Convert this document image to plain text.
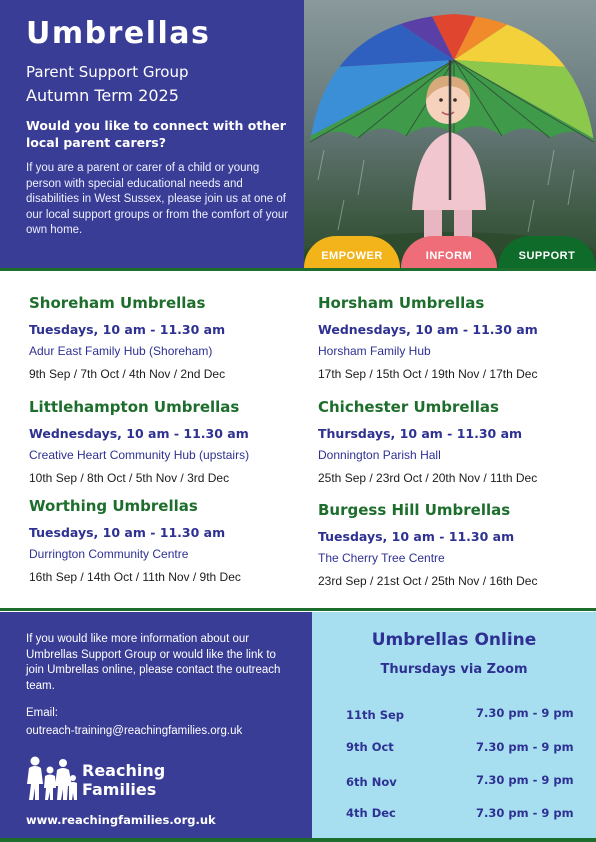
Umbrellas
Parent Support Group
Autumn Term 2025
Would you like to connect with other local parent carers?
If you are a parent or carer of a child or young person with special educational needs and disabilities in West Sussex, please join us at one of our local support groups or from the comfort of your own home.
EMPOWER	INFORM	SUPPORT
Shoreham Umbrellas
Tuesdays, 10 am - 11.30 am
Adur East Family Hub (Shoreham)
9th Sep / 7th Oct / 4th Nov / 2nd Dec
Littlehampton Umbrellas
Wednesdays, 10 am - 11.30 am
Creative Heart Community Hub (upstairs)
10th Sep / 8th Oct / 5th Nov / 3rd Dec
Worthing Umbrellas
Tuesdays, 10 am - 11.30 am
Durrington Community Centre
16th Sep / 14th Oct / 11th Nov / 9th Dec
Horsham Umbrellas
Wednesdays, 10 am - 11.30 am
Horsham Family Hub
17th Sep / 15th Oct / 19th Nov / 17th Dec
Chichester Umbrellas
Thursdays, 10 am - 11.30 am
Donnington Parish Hall
25th Sep / 23rd Oct / 20th Nov / 11th Dec
Burgess Hill Umbrellas
Tuesdays, 10 am - 11.30 am
The Cherry Tree Centre
23rd Sep / 21st Oct / 25th Nov / 16th Dec
If you would like more information about our Umbrellas Support Group or would like the link to join Umbrellas online, please contact the outreach team.
Email:
outreach-training@reachingfamilies.org.uk
Reaching
Families
www.reachingfamilies.org.uk
Umbrellas Online
Thursdays via Zoom
11th Sep	7.30 pm - 9 pm
9th Oct	7.30 pm - 9 pm
6th Nov	7.30 pm - 9 pm
4th Dec	7.30 pm - 9 pm
